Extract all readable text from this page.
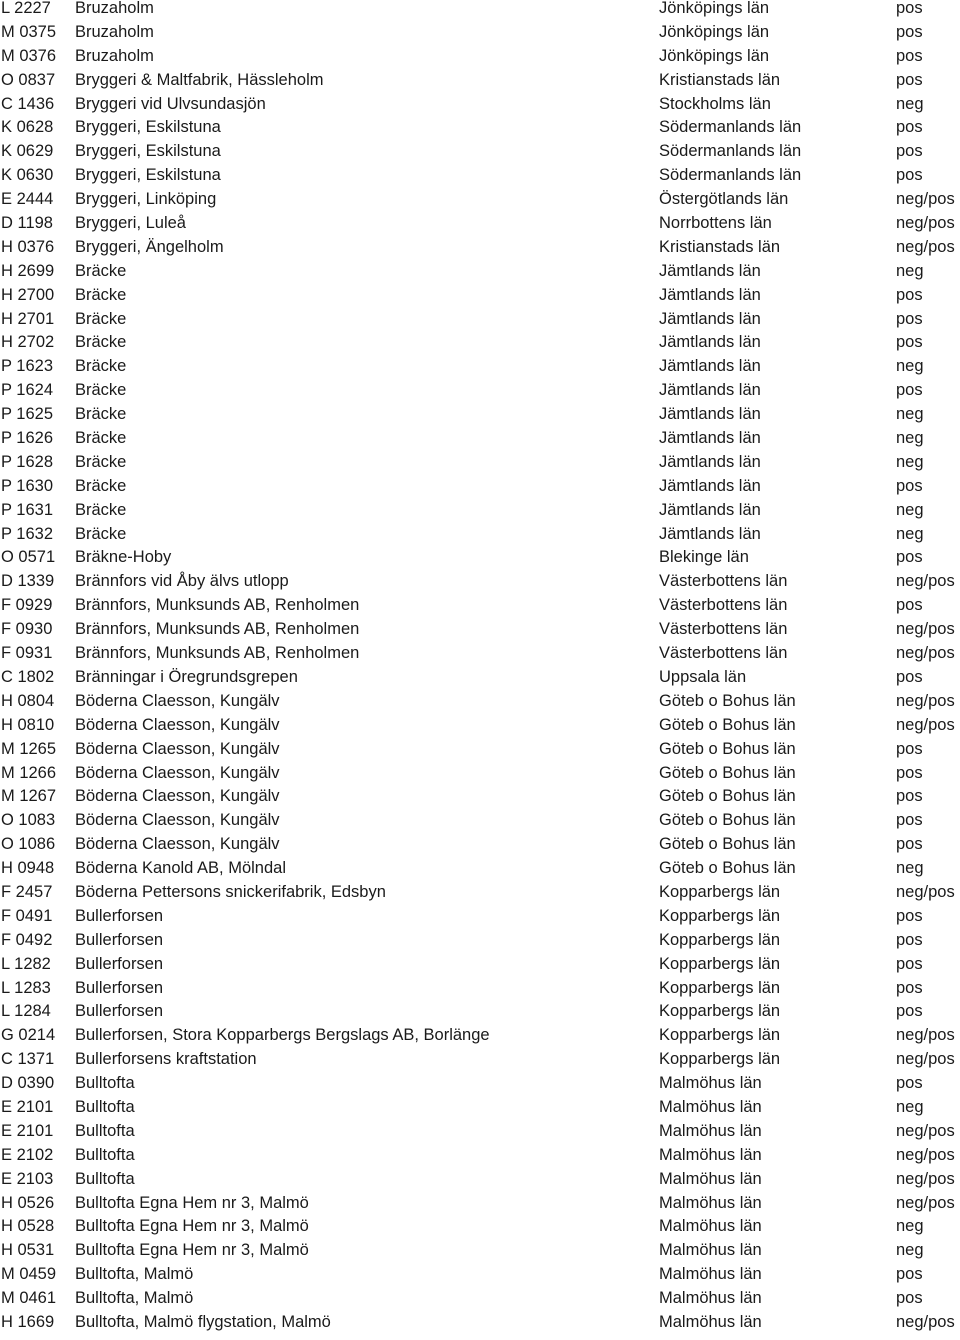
L 2227 Bruzaholm	Jönköpings län	pos
M 0375 Bruzaholm	Jönköpings län	pos
M 0376 Bruzaholm	Jönköpings län	pos
O 0837 Bryggeri & Maltfabrik, Hässleholm	Kristianstads län	pos
C 1436 Bryggeri vid Ulvsundasjön	Stockholms län	neg
K 0628 Bryggeri, Eskilstuna	Södermanlands län	pos
K 0629 Bryggeri, Eskilstuna	Södermanlands län	pos
K 0630 Bryggeri, Eskilstuna	Södermanlands län	pos
E 2444 Bryggeri, Linköping	Östergötlands län	neg/pos
D 1198 Bryggeri, Luleå	Norrbottens län	neg/pos
H 0376 Bryggeri, Ängelholm	Kristianstads län	neg/pos
H 2699 Bräcke	Jämtlands län	neg
H 2700 Bräcke	Jämtlands län	pos
H 2701 Bräcke	Jämtlands län	pos
H 2702 Bräcke	Jämtlands län	pos
P 1623 Bräcke	Jämtlands län	neg
P 1624 Bräcke	Jämtlands län	pos
P 1625 Bräcke	Jämtlands län	neg
P 1626 Bräcke	Jämtlands län	neg
P 1628 Bräcke	Jämtlands län	neg
P 1630 Bräcke	Jämtlands län	pos
P 1631 Bräcke	Jämtlands län	neg
P 1632 Bräcke	Jämtlands län	neg
O 0571 Bräkne-Hoby	Blekinge län	pos
D 1339 Brännfors vid Åby älvs utlopp	Västerbottens län	neg/pos
F 0929 Brännfors, Munksunds AB, Renholmen	Västerbottens län	pos
F 0930 Brännfors, Munksunds AB, Renholmen	Västerbottens län	neg/pos
F 0931 Brännfors, Munksunds AB, Renholmen	Västerbottens län	neg/pos
C 1802 Bränningar i Öregrundsgrepen	Uppsala län	pos
H 0804 Böderna Claesson, Kungälv	Göteb o Bohus län	neg/pos
H 0810 Böderna Claesson, Kungälv	Göteb o Bohus län	neg/pos
M 1265 Böderna Claesson, Kungälv	Göteb o Bohus län	pos
M 1266 Böderna Claesson, Kungälv	Göteb o Bohus län	pos
M 1267 Böderna Claesson, Kungälv	Göteb o Bohus län	pos
O 1083 Böderna Claesson, Kungälv	Göteb o Bohus län	pos
O 1086 Böderna Claesson, Kungälv	Göteb o Bohus län	pos
H 0948 Böderna Kanold AB, Mölndal	Göteb o Bohus län	neg
F 2457 Böderna Pettersons snickerifabrik, Edsbyn	Kopparbergs län	neg/pos
F 0491 Bullerforsen	Kopparbergs län	pos
F 0492 Bullerforsen	Kopparbergs län	pos
L 1282 Bullerforsen	Kopparbergs län	pos
L 1283 Bullerforsen	Kopparbergs län	pos
L 1284 Bullerforsen	Kopparbergs län	pos
G 0214 Bullerforsen, Stora Kopparbergs Bergslags AB, Borlänge	Kopparbergs län	neg/pos
C 1371 Bullerforsens kraftstation	Kopparbergs län	neg/pos
D 0390 Bulltofta	Malmöhus län	pos
E 2101 Bulltofta	Malmöhus län	neg
E 2101 Bulltofta	Malmöhus län	neg/pos
E 2102 Bulltofta	Malmöhus län	neg/pos
E 2103 Bulltofta	Malmöhus län	neg/pos
H 0526 Bulltofta Egna Hem nr 3, Malmö	Malmöhus län	neg/pos
H 0528 Bulltofta Egna Hem nr 3, Malmö	Malmöhus län	neg
H 0531 Bulltofta Egna Hem nr 3, Malmö	Malmöhus län	neg
M 0459 Bulltofta, Malmö	Malmöhus län	pos
M 0461 Bulltofta, Malmö	Malmöhus län	pos
H 1669 Bulltofta, Malmö flygstation, Malmö	Malmöhus län	neg/pos
